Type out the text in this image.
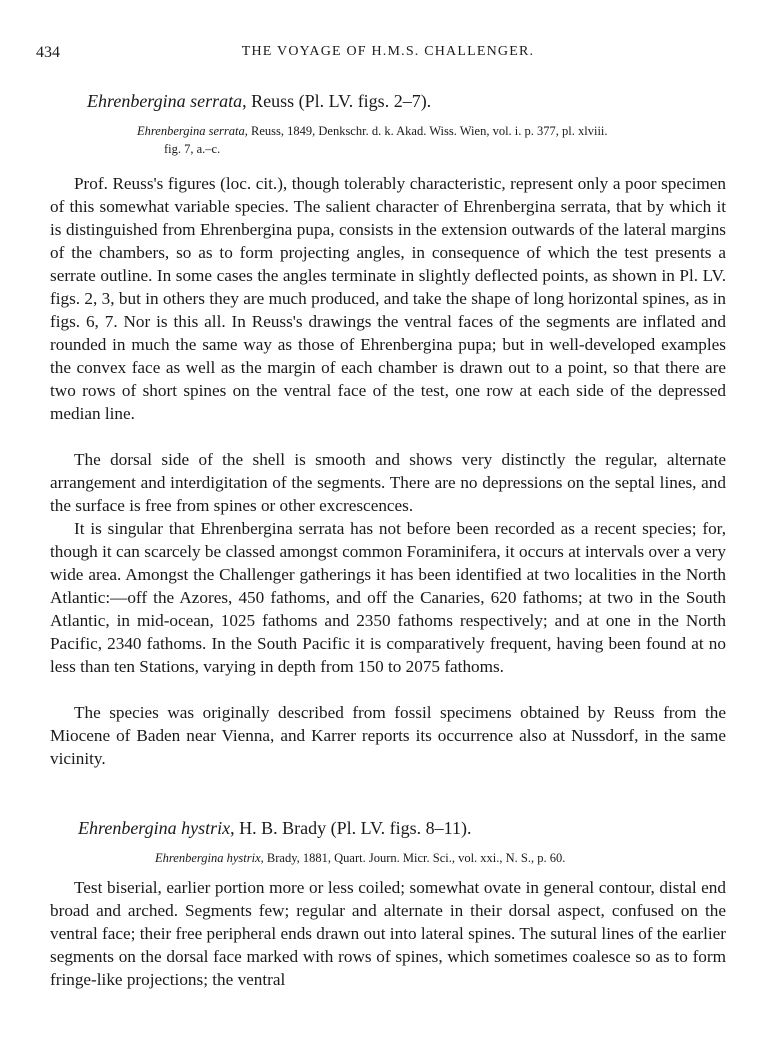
434	THE VOYAGE OF H.M.S. CHALLENGER.
Ehrenbergina serrata, Reuss (Pl. LV. figs. 2–7).
Ehrenbergina serrata, Reuss, 1849, Denkschr. d. k. Akad. Wiss. Wien, vol. i. p. 377, pl. xlviii.
fig. 7, a.–c.

Prof. Reuss's figures (loc. cit.), though tolerably characteristic, represent only a poor specimen of this somewhat variable species. The salient character of Ehrenbergina serrata, that by which it is distinguished from Ehrenbergina pupa, consists in the extension outwards of the lateral margins of the chambers, so as to form projecting angles, in consequence of which the test presents a serrate outline. In some cases the angles terminate in slightly deflected points, as shown in Pl. LV. figs. 2, 3, but in others they are much produced, and take the shape of long horizontal spines, as in figs. 6, 7. Nor is this all. In Reuss's drawings the ventral faces of the segments are inflated and rounded in much the same way as those of Ehrenbergina pupa; but in well-developed examples the convex face as well as the margin of each chamber is drawn out to a point, so that there are two rows of short spines on the ventral face of the test, one row at each side of the depressed median line.

The dorsal side of the shell is smooth and shows very distinctly the regular, alternate arrangement and interdigitation of the segments. There are no depressions on the septal lines, and the surface is free from spines or other excrescences.

It is singular that Ehrenbergina serrata has not before been recorded as a recent species; for, though it can scarcely be classed amongst common Foraminifera, it occurs at intervals over a very wide area. Amongst the Challenger gatherings it has been identified at two localities in the North Atlantic:—off the Azores, 450 fathoms, and off the Canaries, 620 fathoms; at two in the South Atlantic, in mid-ocean, 1025 fathoms and 2350 fathoms respectively; and at one in the North Pacific, 2340 fathoms. In the South Pacific it is comparatively frequent, having been found at no less than ten Stations, varying in depth from 150 to 2075 fathoms.

The species was originally described from fossil specimens obtained by Reuss from the Miocene of Baden near Vienna, and Karrer reports its occurrence also at Nussdorf, in the same vicinity.

Ehrenbergina hystrix, H. B. Brady (Pl. LV. figs. 8–11).
Ehrenbergina hystrix, Brady, 1881, Quart. Journ. Micr. Sci., vol. xxi., N. S., p. 60.

Test biserial, earlier portion more or less coiled; somewhat ovate in general contour, distal end broad and arched. Segments few; regular and alternate in their dorsal aspect, confused on the ventral face; their free peripheral ends drawn out into lateral spines. The sutural lines of the earlier segments on the dorsal face marked with rows of spines, which sometimes coalesce so as to form fringe-like projections; the ventral
